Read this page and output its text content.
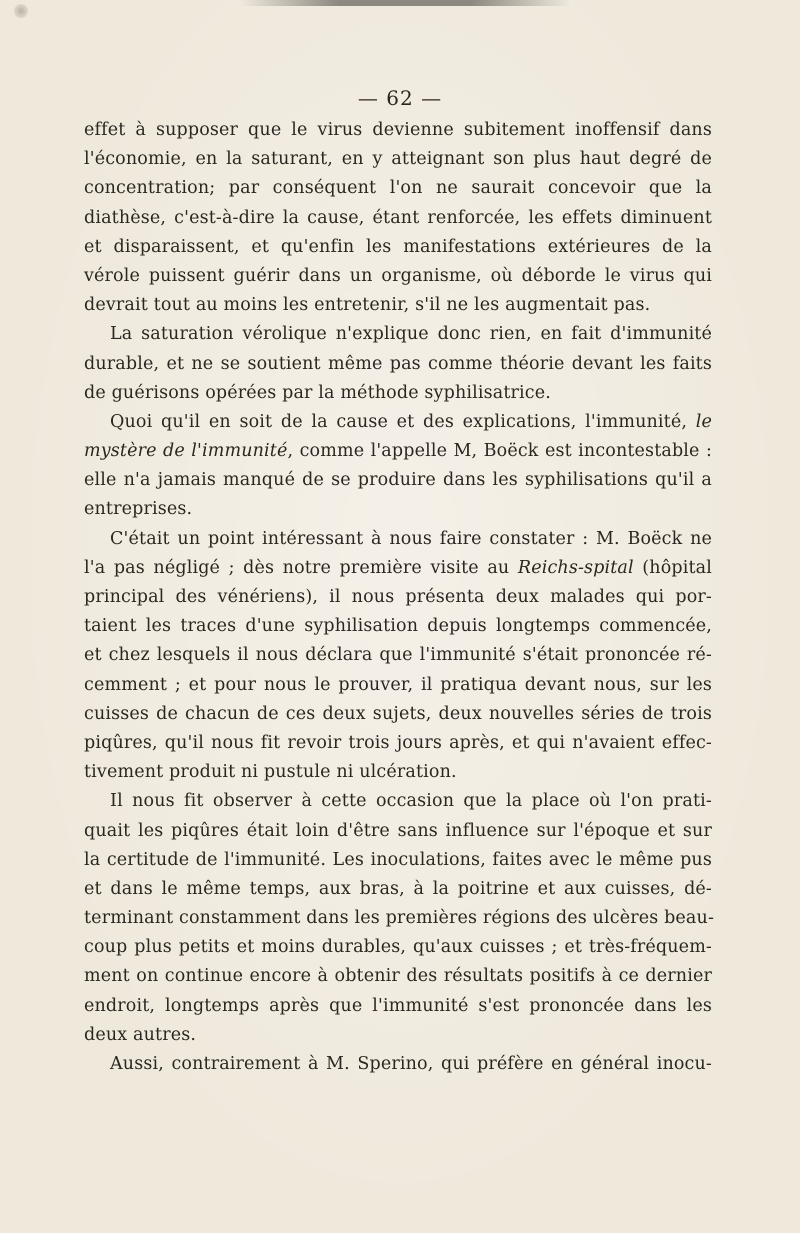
— 62 —
effet à supposer que le virus devienne subitement inoffensif dans
l'économie, en la saturant, en y atteignant son plus haut degré de
concentration; par conséquent l'on ne saurait concevoir que la
diathèse, c'est-à-dire la cause, étant renforcée, les effets diminuent
et disparaissent, et qu'enfin les manifestations extérieures de la
vérole puissent guérir dans un organisme, où déborde le virus qui
devrait tout au moins les entretenir, s'il ne les augmentait pas.
La saturation vérolique n'explique donc rien, en fait d'immunité
durable, et ne se soutient même pas comme théorie devant les faits
de guérisons opérées par la méthode syphilisatrice.
Quoi qu'il en soit de la cause et des explications, l'immunité, le
mystère de l'immunité, comme l'appelle M, Boëck est incontestable :
elle n'a jamais manqué de se produire dans les syphilisations qu'il a
entreprises.
C'était un point intéressant à nous faire constater : M. Boëck ne
l'a pas négligé ; dès notre première visite au Reichs-spital (hôpital
principal des vénériens), il nous présenta deux malades qui por-
taient les traces d'une syphilisation depuis longtemps commencée,
et chez lesquels il nous déclara que l'immunité s'était prononcée ré-
cemment ; et pour nous le prouver, il pratiqua devant nous, sur les
cuisses de chacun de ces deux sujets, deux nouvelles séries de trois
piqûres, qu'il nous fit revoir trois jours après, et qui n'avaient effec-
tivement produit ni pustule ni ulcération.
Il nous fit observer à cette occasion que la place où l'on prati-
quait les piqûres était loin d'être sans influence sur l'époque et sur
la certitude de l'immunité. Les inoculations, faites avec le même pus
et dans le même temps, aux bras, à la poitrine et aux cuisses, dé-
terminant constamment dans les premières régions des ulcères beau-
coup plus petits et moins durables, qu'aux cuisses ; et très-fréquem-
ment on continue encore à obtenir des résultats positifs à ce dernier
endroit, longtemps après que l'immunité s'est prononcée dans les
deux autres.
Aussi, contrairement à M. Sperino, qui préfère en général inocu-
